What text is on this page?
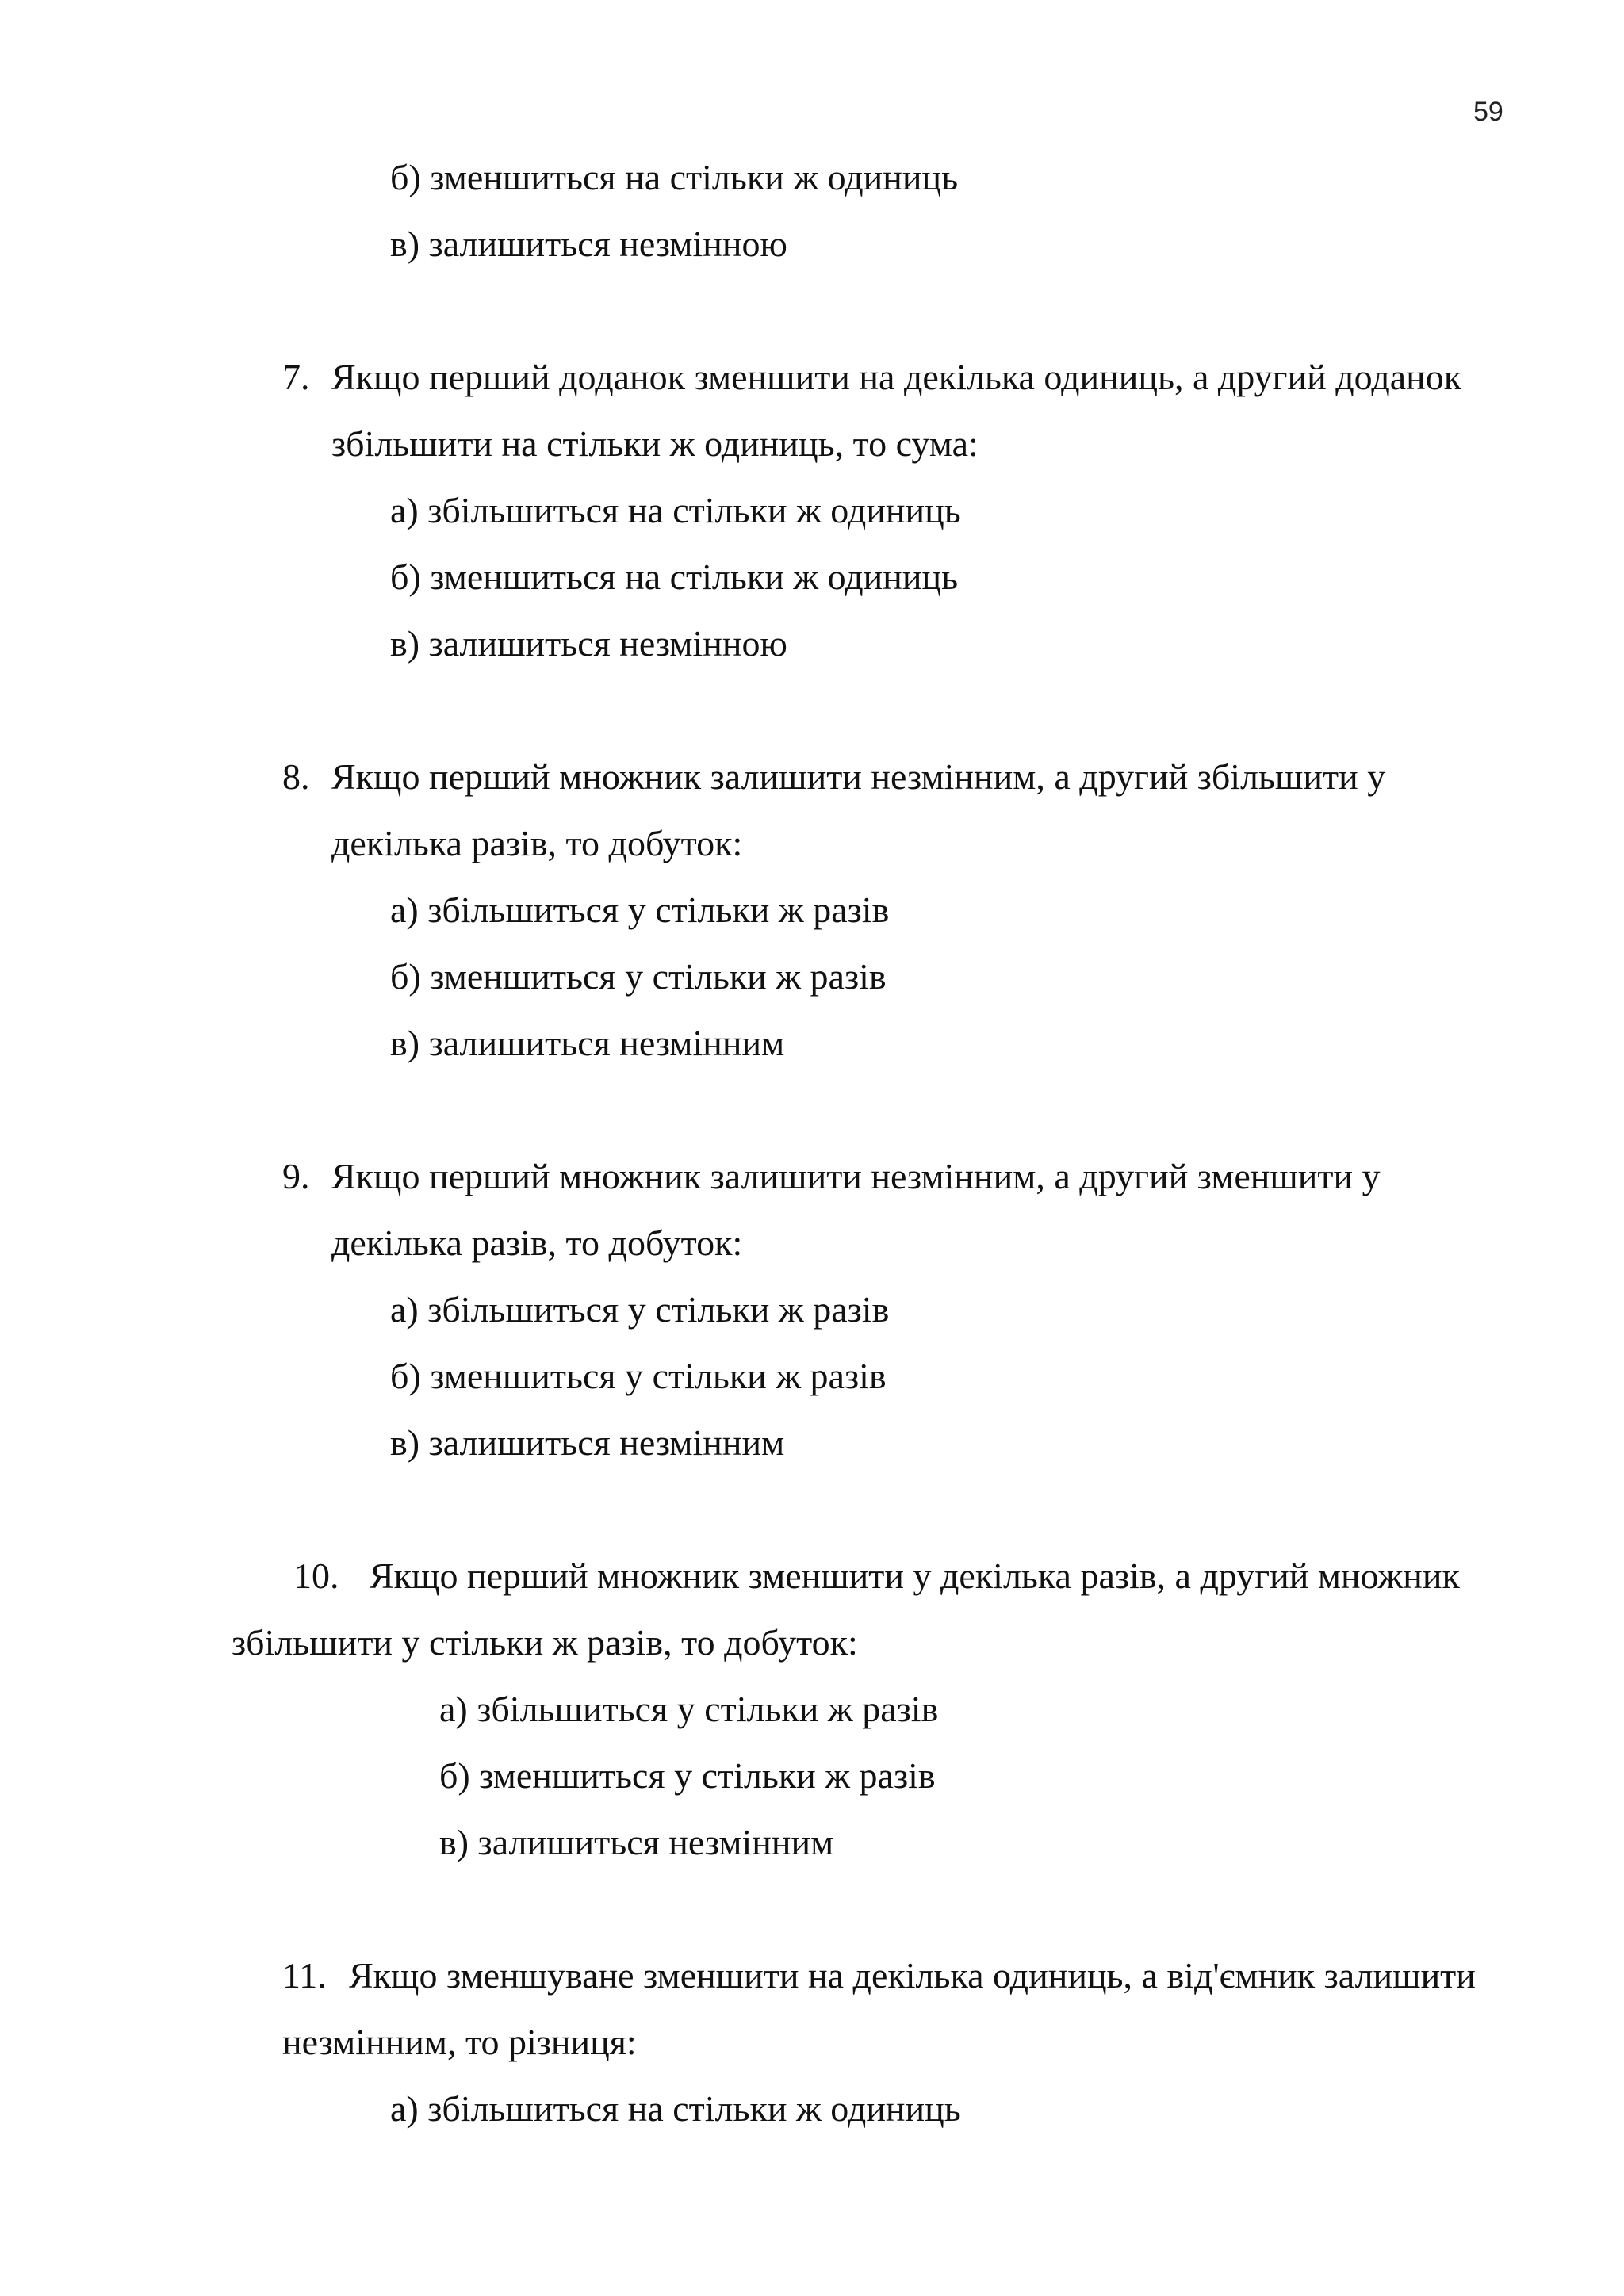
59
б) зменшиться на стільки ж одиниць
в) залишиться незмінною
7. Якщо перший доданок зменшити на декілька одиниць, а другий доданок
збільшити на стільки ж одиниць, то сума:
а) збільшиться на стільки ж одиниць
б) зменшиться на стільки ж одиниць
в) залишиться незмінною
8. Якщо перший множник залишити незмінним, а другий збільшити у
декілька разів, то добуток:
а) збільшиться у стільки ж разів
б) зменшиться у стільки ж разів
в) залишиться незмінним
9. Якщо перший множник залишити незмінним, а другий зменшити у
декілька разів, то добуток:
а) збільшиться у стільки ж разів
б) зменшиться у стільки ж разів
в) залишиться незмінним
10. Якщо перший множник зменшити у декілька разів, а другий множник
збільшити у стільки ж разів, то добуток:
а) збільшиться у стільки ж разів
б) зменшиться у стільки ж разів
в) залишиться незмінним
11. Якщо зменшуване зменшити на декілька одиниць, а від'ємник залишити
незмінним, то різниця:
а) збільшиться на стільки ж одиниць
